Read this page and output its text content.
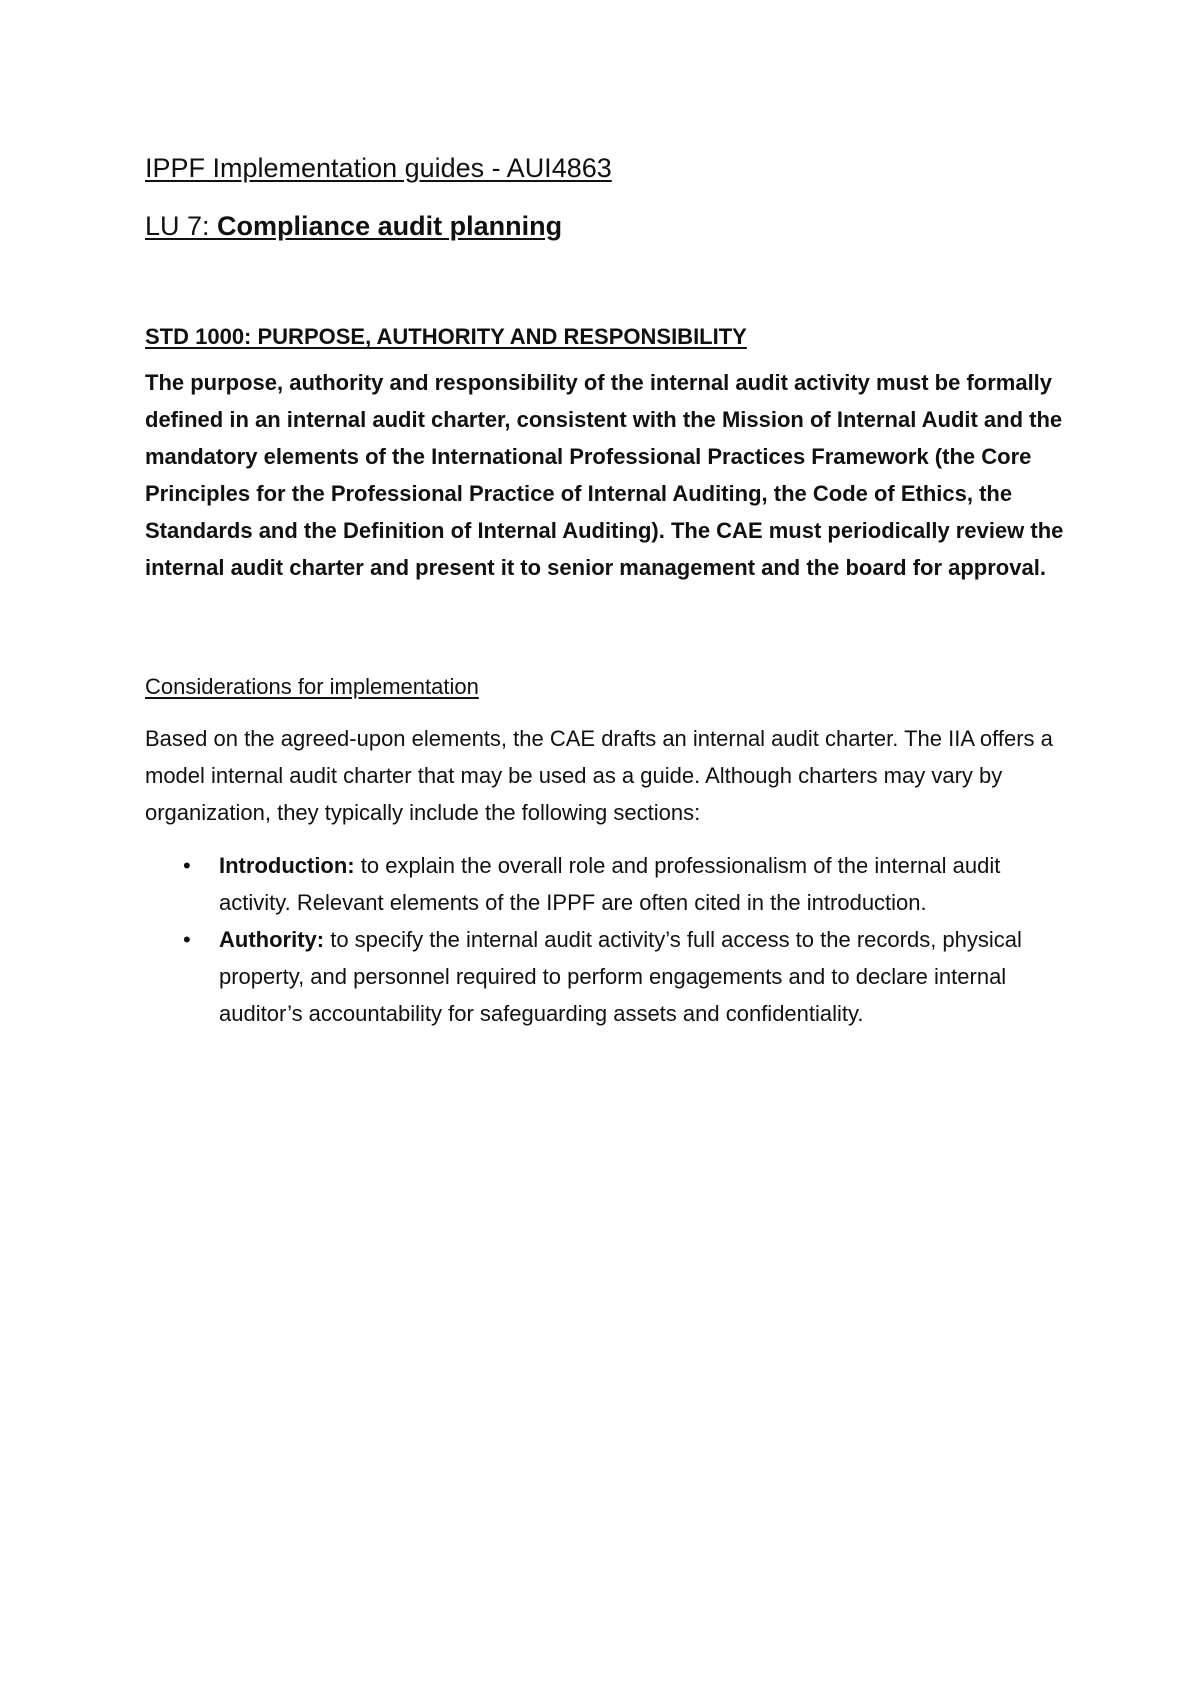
IPPF Implementation guides - AUI4863

LU 7: Compliance audit planning

STD 1000: PURPOSE, AUTHORITY AND RESPONSIBILITY
The purpose, authority and responsibility of the internal audit activity must be formally defined in an internal audit charter, consistent with the Mission of Internal Audit and the mandatory elements of the International Professional Practices Framework (the Core Principles for the Professional Practice of Internal Auditing, the Code of Ethics, the Standards and the Definition of Internal Auditing). The CAE must periodically review the internal audit charter and present it to senior management and the board for approval.
Considerations for implementation
Based on the agreed-upon elements, the CAE drafts an internal audit charter. The IIA offers a model internal audit charter that may be used as a guide. Although charters may vary by organization, they typically include the following sections:
• Introduction: to explain the overall role and professionalism of the internal audit activity. Relevant elements of the IPPF are often cited in the introduction.
• Authority: to specify the internal audit activity’s full access to the records, physical property, and personnel required to perform engagements and to declare internal auditor’s accountability for safeguarding assets and confidentiality.
